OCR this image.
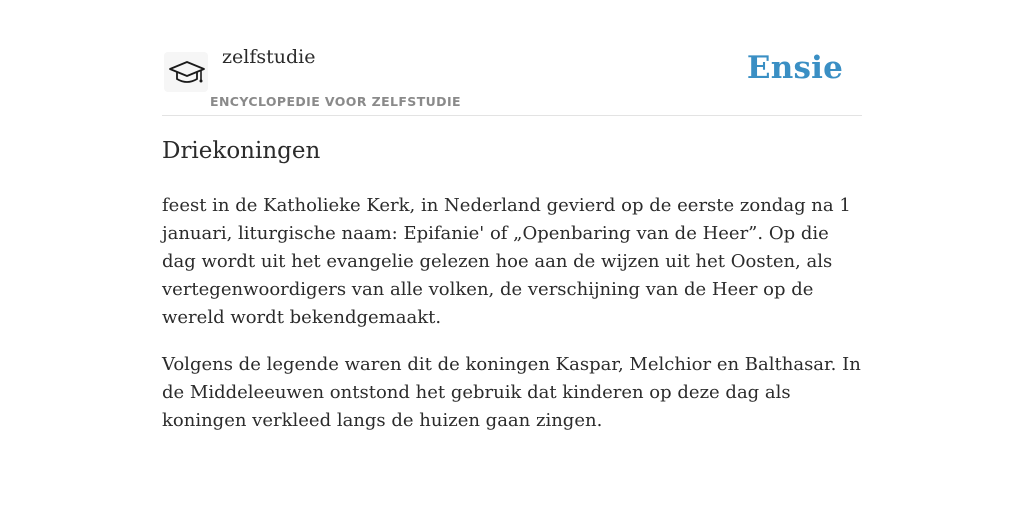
zelfstudie
ENCYCLOPEDIE VOOR ZELFSTUDIE
Ensie
Driekoningen

feest in de Katholieke Kerk, in Nederland gevierd op de eerste zondag na 1 januari, liturgische naam: Epifanie' of „Openbaring van de Heer”. Op die dag wordt uit het evangelie gelezen hoe aan de wijzen uit het Oosten, als vertegenwoordigers van alle volken, de verschijning van de Heer op de wereld wordt bekendgemaakt.

Volgens de legende waren dit de koningen Kaspar, Melchior en Balthasar. In de Middeleeuwen ontstond het gebruik dat kinderen op deze dag als koningen verkleed langs de huizen gaan zingen.
